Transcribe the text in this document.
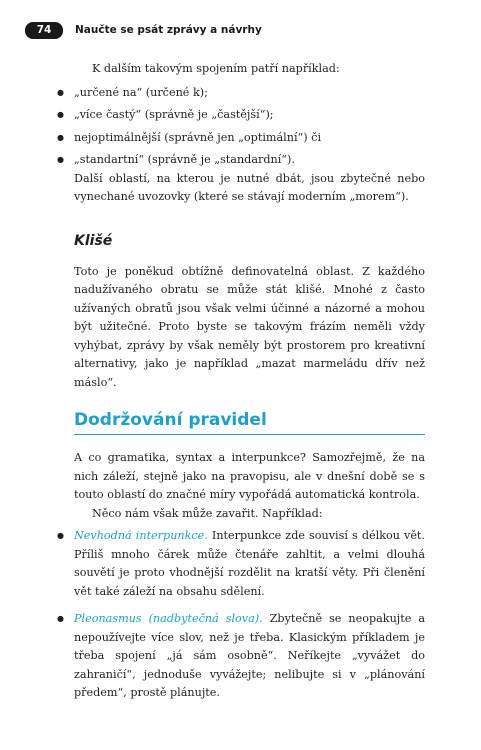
74	Naučte se psát zprávy a návrhy

K dalším takovým spojením patří například:

● „určené na“ (určené k);
● „více častý“ (správně je „častější“);
● nejoptimálnější (správně jen „optimální“) či
● „standartní“ (správně je „standardní“).

Další oblastí, na kterou je nutné dbát, jsou zbytečné nebo vynechané uvozovky (které se stávají moderním „morem“).

Klišé

Toto je poněkud obtížně definovatelná oblast. Z každého nadužívaného obratu se může stát klišé. Mnohé z často užívaných obratů jsou však velmi účinné a názorné a mohou být užitečné. Proto byste se takovým frázím neměli vždy vyhýbat, zprávy by však neměly být prostorem pro kreativní alternativy, jako je například „mazat marmeládu dřív než máslo“.

Dodržování pravidel

A co gramatika, syntax a interpunkce? Samozřejmě, že na nich záleží, stejně jako na pravopisu, ale v dnešní době se s touto oblastí do značné míry vypořádá automatická kontrola.

Něco nám však může zavařit. Například:

● Nevhodná interpunkce. Interpunkce zde souvisí s délkou vět. Příliš mnoho čárek může čtenáře zahltit, a velmi dlouhá souvětí je proto vhodnější rozdělit na kratší věty. Při členění vět také záleží na obsahu sdělení.
● Pleonasmus (nadbytečná slova). Zbytečně se neopakujte a nepoužívejte více slov, než je třeba. Klasickým příkladem je třeba spojení „já sám osobně“. Neříkejte „vyvážet do zahraničí“, jednoduše vyvážejte; nelibujte si v „plánování předem“, prostě plánujte.
